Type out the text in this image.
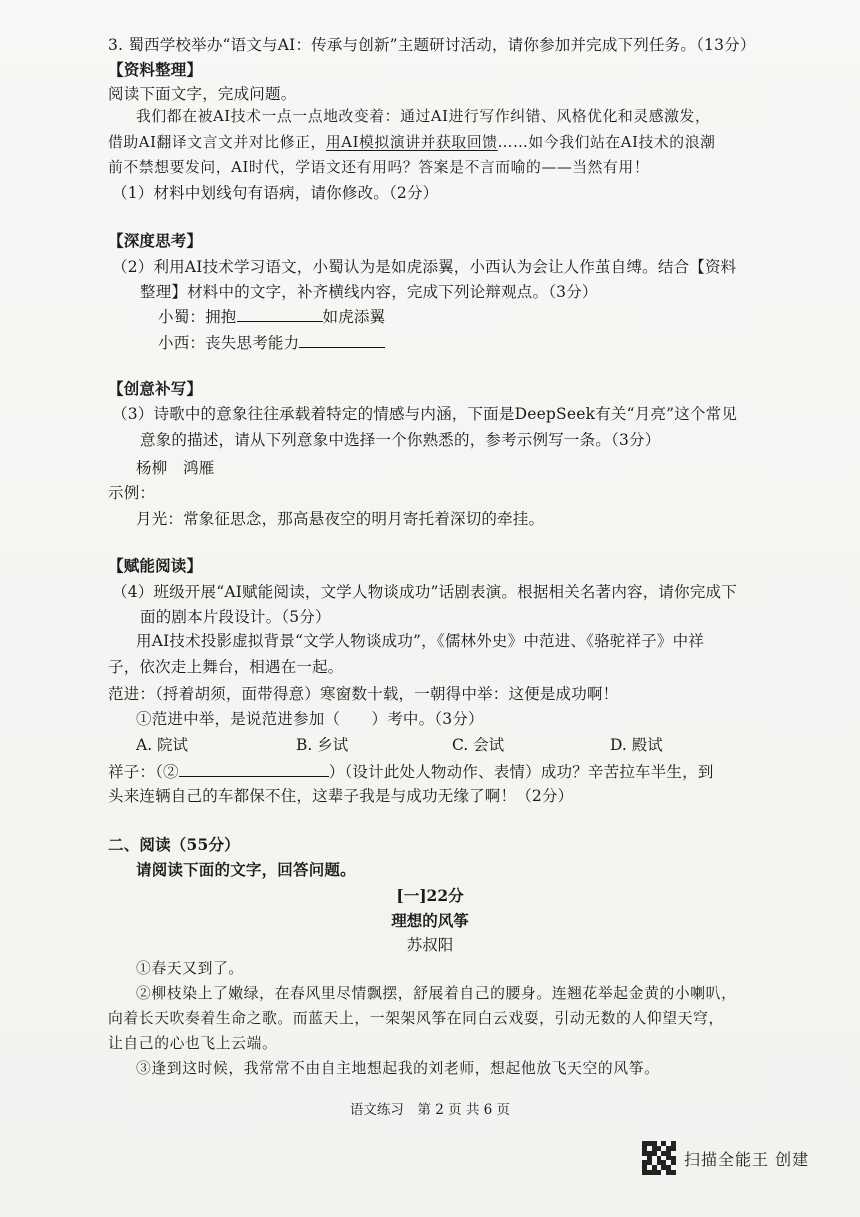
3. 蜀西学校举办“语文与AI：传承与创新”主题研讨活动，请你参加并完成下列任务。（13分）
【资料整理】
阅读下面文字，完成问题。
我们都在被AI技术一点一点地改变着：通过AI进行写作纠错、风格优化和灵感激发，
借助AI翻译文言文并对比修正，用AI模拟演讲并获取回馈……如今我们站在AI技术的浪潮
前不禁想要发问，AI时代，学语文还有用吗？答案是不言而喻的——当然有用！
（1）材料中划线句有语病，请你修改。（2分）
【深度思考】
（2）利用AI技术学习语文，小蜀认为是如虎添翼，小西认为会让人作茧自缚。结合【资料
整理】材料中的文字，补齐横线内容，完成下列论辩观点。（3分）
小蜀：拥抱	如虎添翼
小西：丧失思考能力
【创意补写】
（3）诗歌中的意象往往承载着特定的情感与内涵，下面是DeepSeek有关“月亮”这个常见
意象的描述，请从下列意象中选择一个你熟悉的，参考示例写一条。（3分）
杨柳　鸿雁
示例：
月光：常象征思念，那高悬夜空的明月寄托着深切的牵挂。
【赋能阅读】
（4）班级开展“AI赋能阅读，文学人物谈成功”话剧表演。根据相关名著内容，请你完成下
面的剧本片段设计。（5分）
用AI技术投影虚拟背景“文学人物谈成功”，《儒林外史》中范进、《骆驼祥子》中祥
子，依次走上舞台，相遇在一起。
范进：（捋着胡须，面带得意）寒窗数十载，一朝得中举：这便是成功啊！
①范进中举，是说范进参加（　　）考中。（3分）
A. 院试	B. 乡试	C. 会试	D. 殿试
祥子：（②	）（设计此处人物动作、表情）成功？辛苦拉车半生，到
头来连辆自己的车都保不住，这辈子我是与成功无缘了啊！（2分）
二、阅读（55分）
请阅读下面的文字，回答问题。
[一]22分
理想的风筝
苏叔阳
①春天又到了。
②柳枝染上了嫩绿，在春风里尽情飘摆，舒展着自己的腰身。连翘花举起金黄的小喇叭，
向着长天吹奏着生命之歌。而蓝天上，一架架风筝在同白云戏耍，引动无数的人仰望天穹，
让自己的心也飞上云端。
③逢到这时候，我常常不由自主地想起我的刘老师，想起他放飞天空的风筝。
语文练习　第 2 页 共 6 页
扫描全能王 创建
